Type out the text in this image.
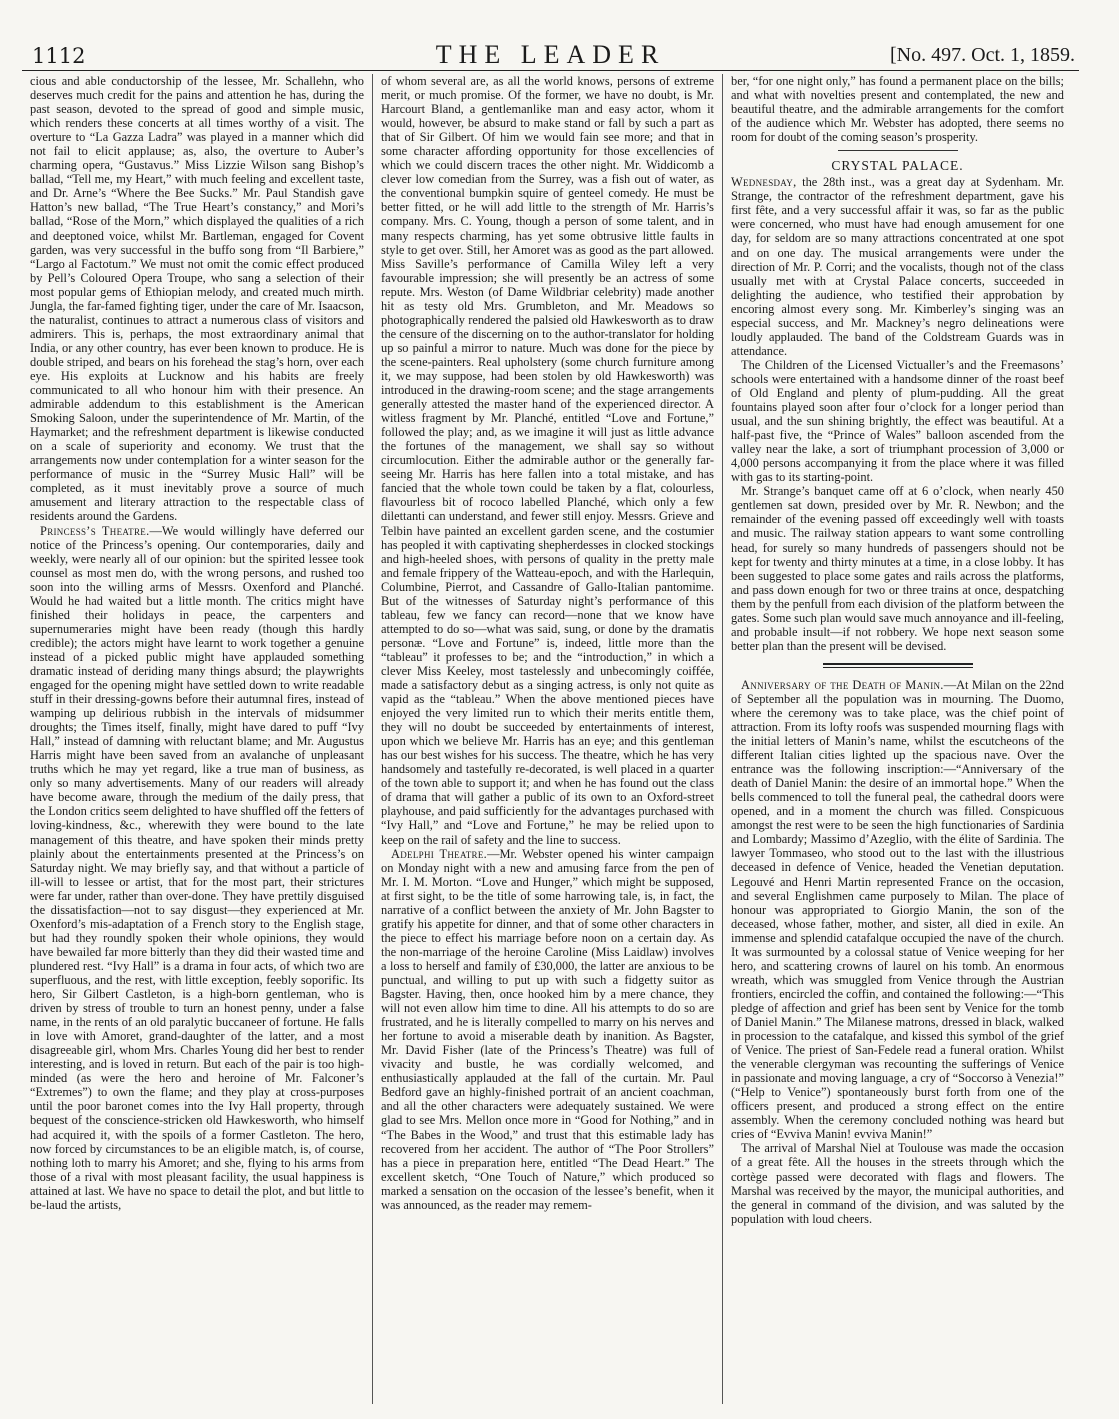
1112	THE LEADER	[No. 497. Oct. 1, 1859.

cious and able conductorship of the lessee, Mr. Schallehn, who deserves much credit for the pains and attention he has, during the past season, devoted to the spread of good and simple music, which renders these concerts at all times worthy of a visit. The overture to “La Gazza Ladra” was played in a manner which did not fail to elicit applause; as, also, the overture to Auber’s charming opera, “Gustavus.” Miss Lizzie Wilson sang Bishop’s ballad, “Tell me, my Heart,” with much feeling and excellent taste, and Dr. Arne’s “Where the Bee Sucks.” Mr. Paul Standish gave Hatton’s new ballad, “The True Heart’s constancy,” and Mori’s ballad, “Rose of the Morn,” which displayed the qualities of a rich and deeptoned voice, whilst Mr. Bartleman, engaged for Covent garden, was very successful in the buffo song from “Il Barbiere,” “Largo al Factotum.” We must not omit the comic effect produced by Pell’s Coloured Opera Troupe, who sang a selection of their most popular gems of Ethiopian melody, and created much mirth. Jungla, the far-famed fighting tiger, under the care of Mr. Isaacson, the naturalist, continues to attract a numerous class of visitors and admirers. This is, perhaps, the most extraordinary animal that India, or any other country, has ever been known to produce. He is double striped, and bears on his forehead the stag’s horn, over each eye. His exploits at Lucknow and his habits are freely communicated to all who honour him with their presence. An admirable addendum to this establishment is the American Smoking Saloon, under the superintendence of Mr. Martin, of the Haymarket; and the refreshment department is likewise conducted on a scale of superiority and economy. We trust that the arrangements now under contemplation for a winter season for the performance of music in the “Surrey Music Hall” will be completed, as it must inevitably prove a source of much amusement and literary attraction to the respectable class of residents around the Gardens.

Princess’s Theatre.—We would willingly have deferred our notice of the Princess’s opening. Our contemporaries, daily and weekly, were nearly all of our opinion: but the spirited lessee took counsel as most men do, with the wrong persons, and rushed too soon into the willing arms of Messrs. Oxenford and Planché. Would he had waited but a little month. The critics might have finished their holidays in peace, the carpenters and supernumeraries might have been ready (though this hardly credible); the actors might have learnt to work together a genuine instead of a picked public might have applauded something dramatic instead of deriding many things absurd; the playwrights engaged for the opening might have settled down to write readable stuff in their dressing-gowns before their autumnal fires, instead of wamping up delirious rubbish in the intervals of midsummer droughts; the Times itself, finally, might have dared to puff “Ivy Hall,” instead of damning with reluctant blame; and Mr. Augustus Harris might have been saved from an avalanche of unpleasant truths which he may yet regard, like a true man of business, as only so many advertisements. Many of our readers will already have become aware, through the medium of the daily press, that the London critics seem delighted to have shuffled off the fetters of loving-kindness, &c., wherewith they were bound to the late management of this theatre, and have spoken their minds pretty plainly about the entertainments presented at the Princess’s on Saturday night. We may briefly say, and that without a particle of ill-will to lessee or artist, that for the most part, their strictures were far under, rather than over-done. They have prettily disguised the dissatisfaction—not to say disgust—they experienced at Mr. Oxenford’s mis-adaptation of a French story to the English stage, but had they roundly spoken their whole opinions, they would have bewailed far more bitterly than they did their wasted time and plundered rest. “Ivy Hall” is a drama in four acts, of which two are superfluous, and the rest, with little exception, feebly soporific. Its hero, Sir Gilbert Castleton, is a high-born gentleman, who is driven by stress of trouble to turn an honest penny, under a false name, in the rents of an old paralytic buccaneer of fortune. He falls in love with Amoret, grand-daughter of the latter, and a most disagreeable girl, whom Mrs. Charles Young did her best to render interesting, and is loved in return. But each of the pair is too high-minded (as were the hero and heroine of Mr. Falconer’s “Extremes”) to own the flame; and they play at cross-purposes until the poor baronet comes into the Ivy Hall property, through bequest of the conscience-stricken old Hawkesworth, who himself had acquired it, with the spoils of a former Castleton. The hero, now forced by circumstances to be an eligible match, is, of course, nothing loth to marry his Amoret; and she, flying to his arms from those of a rival with most pleasant facility, the usual happiness is attained at last. We have no space to detail the plot, and but little to be-laud the artists,

of whom several are, as all the world knows, persons of extreme merit, or much promise. Of the former, we have no doubt, is Mr. Harcourt Bland, a gentlemanlike man and easy actor, whom it would, however, be absurd to make stand or fall by such a part as that of Sir Gilbert. Of him we would fain see more; and that in some character affording opportunity for those excellencies of which we could discern traces the other night. Mr. Widdicomb a clever low comedian from the Surrey, was a fish out of water, as the conventional bumpkin squire of genteel comedy. He must be better fitted, or he will add little to the strength of Mr. Harris’s company. Mrs. C. Young, though a person of some talent, and in many respects charming, has yet some obtrusive little faults in style to get over. Still, her Amoret was as good as the part allowed. Miss Saville’s performance of Camilla Wiley left a very favourable impression; she will presently be an actress of some repute. Mrs. Weston (of Dame Wildbriar celebrity) made another hit as testy old Mrs. Grumbleton, and Mr. Meadows so photographically rendered the palsied old Hawkesworth as to draw the censure of the discerning on to the author-translator for holding up so painful a mirror to nature. Much was done for the piece by the scene-painters. Real upholstery (some church furniture among it, we may suppose, had been stolen by old Hawkesworth) was introduced in the drawing-room scene; and the stage arrangements generally attested the master hand of the experienced director. A witless fragment by Mr. Planché, entitled “Love and Fortune,” followed the play; and, as we imagine it will just as little advance the fortunes of the management, we shall say so without circumlocution. Either the admirable author or the generally far-seeing Mr. Harris has here fallen into a total mistake, and has fancied that the whole town could be taken by a flat, colourless, flavourless bit of rococo labelled Planché, which only a few dilettanti can understand, and fewer still enjoy. Messrs. Grieve and Telbin have painted an excellent garden scene, and the costumier has peopled it with captivating shepherdesses in clocked stockings and high-heeled shoes, with persons of quality in the pretty male and female frippery of the Watteau-epoch, and with the Harlequin, Columbine, Pierrot, and Cassandre of Gallo-Italian pantomime. But of the witnesses of Saturday night’s performance of this tableau, few we fancy can record—none that we know have attempted to do so—what was said, sung, or done by the dramatis personæ. “Love and Fortune” is, indeed, little more than the “tableau” it professes to be; and the “introduction,” in which a clever Miss Keeley, most tastelessly and unbecomingly coiffée, made a satisfactory debut as a singing actress, is only not quite as vapid as the “tableau.” When the above mentioned pieces have enjoyed the very limited run to which their merits entitle them, they will no doubt be succeeded by entertainments of interest, upon which we believe Mr. Harris has an eye; and this gentleman has our best wishes for his success. The theatre, which he has very handsomely and tastefully re-decorated, is well placed in a quarter of the town able to support it; and when he has found out the class of drama that will gather a public of its own to an Oxford-street playhouse, and paid sufficiently for the advantages purchased with “Ivy Hall,” and “Love and Fortune,” he may be relied upon to keep on the rail of safety and the line to success.

Adelphi Theatre.—Mr. Webster opened his winter campaign on Monday night with a new and amusing farce from the pen of Mr. I. M. Morton. “Love and Hunger,” which might be supposed, at first sight, to be the title of some harrowing tale, is, in fact, the narrative of a conflict between the anxiety of Mr. John Bagster to gratify his appetite for dinner, and that of some other characters in the piece to effect his marriage before noon on a certain day. As the non-marriage of the heroine Caroline (Miss Laidlaw) involves a loss to herself and family of £30,000, the latter are anxious to be punctual, and willing to put up with such a fidgetty suitor as Bagster. Having, then, once hooked him by a mere chance, they will not even allow him time to dine. All his attempts to do so are frustrated, and he is literally compelled to marry on his nerves and her fortune to avoid a miserable death by inanition. As Bagster, Mr. David Fisher (late of the Princess’s Theatre) was full of vivacity and bustle, he was cordially welcomed, and enthusiastically applauded at the fall of the curtain. Mr. Paul Bedford gave an highly-finished portrait of an ancient coachman, and all the other characters were adequately sustained. We were glad to see Mrs. Mellon once more in “Good for Nothing,” and in “The Babes in the Wood,” and trust that this estimable lady has recovered from her accident. The author of “The Poor Strollers” has a piece in preparation here, entitled “The Dead Heart.” The excellent sketch, “One Touch of Nature,” which produced so marked a sensation on the occasion of the lessee’s benefit, when it was announced, as the reader may remem-

ber, “for one night only,” has found a permanent place on the bills; and what with novelties present and contemplated, the new and beautiful theatre, and the admirable arrangements for the comfort of the audience which Mr. Webster has adopted, there seems no room for doubt of the coming season’s prosperity.

CRYSTAL PALACE.

Wednesday, the 28th inst., was a great day at Sydenham. Mr. Strange, the contractor of the refreshment department, gave his first fête, and a very successful affair it was, so far as the public were concerned, who must have had enough amusement for one day, for seldom are so many attractions concentrated at one spot and on one day. The musical arrangements were under the direction of Mr. P. Corri; and the vocalists, though not of the class usually met with at Crystal Palace concerts, succeeded in delighting the audience, who testified their approbation by encoring almost every song. Mr. Kimberley’s singing was an especial success, and Mr. Mackney’s negro delineations were loudly applauded. The band of the Coldstream Guards was in attendance.

The Children of the Licensed Victualler’s and the Freemasons’ schools were entertained with a handsome dinner of the roast beef of Old England and plenty of plum-pudding. All the great fountains played soon after four o’clock for a longer period than usual, and the sun shining brightly, the effect was beautiful. At a half-past five, the “Prince of Wales” balloon ascended from the valley near the lake, a sort of triumphant procession of 3,000 or 4,000 persons accompanying it from the place where it was filled with gas to its starting-point.

Mr. Strange’s banquet came off at 6 o’clock, when nearly 450 gentlemen sat down, presided over by Mr. R. Newbon; and the remainder of the evening passed off exceedingly well with toasts and music. The railway station appears to want some controlling head, for surely so many hundreds of passengers should not be kept for twenty and thirty minutes at a time, in a close lobby. It has been suggested to place some gates and rails across the platforms, and pass down enough for two or three trains at once, despatching them by the penfull from each division of the platform between the gates. Some such plan would save much annoyance and ill-feeling, and probable insult—if not robbery. We hope next season some better plan than the present will be devised.

Anniversary of the Death of Manin.—At Milan on the 22nd of September all the population was in mourning. The Duomo, where the ceremony was to take place, was the chief point of attraction. From its lofty roofs was suspended mourning flags with the initial letters of Manin’s name, whilst the escutcheons of the different Italian cities lighted up the spacious nave. Over the entrance was the following inscription:—“Anniversary of the death of Daniel Manin: the desire of an immortal hope.” When the bells commenced to toll the funeral peal, the cathedral doors were opened, and in a moment the church was filled. Conspicuous amongst the rest were to be seen the high functionaries of Sardinia and Lombardy; Massimo d’Azeglio, with the élite of Sardinia. The lawyer Tommaseo, who stood out to the last with the illustrious deceased in defence of Venice, headed the Venetian deputation. Legouvé and Henri Martin represented France on the occasion, and several Englishmen came purposely to Milan. The place of honour was appropriated to Giorgio Manin, the son of the deceased, whose father, mother, and sister, all died in exile. An immense and splendid catafalque occupied the nave of the church. It was surmounted by a colossal statue of Venice weeping for her hero, and scattering crowns of laurel on his tomb. An enormous wreath, which was smuggled from Venice through the Austrian frontiers, encircled the coffin, and contained the following:—“This pledge of affection and grief has been sent by Venice for the tomb of Daniel Manin.” The Milanese matrons, dressed in black, walked in procession to the catafalque, and kissed this symbol of the grief of Venice. The priest of San-Fedele read a funeral oration. Whilst the venerable clergyman was recounting the sufferings of Venice in passionate and moving language, a cry of “Soccorso à Venezia!” (“Help to Venice”) spontaneously burst forth from one of the officers present, and produced a strong effect on the entire assembly. When the ceremony concluded nothing was heard but cries of “Evviva Manin! evviva Manin!”

The arrival of Marshal Niel at Toulouse was made the occasion of a great fête. All the houses in the streets through which the cortège passed were decorated with flags and flowers. The Marshal was received by the mayor, the municipal authorities, and the general in command of the division, and was saluted by the population with loud cheers.
